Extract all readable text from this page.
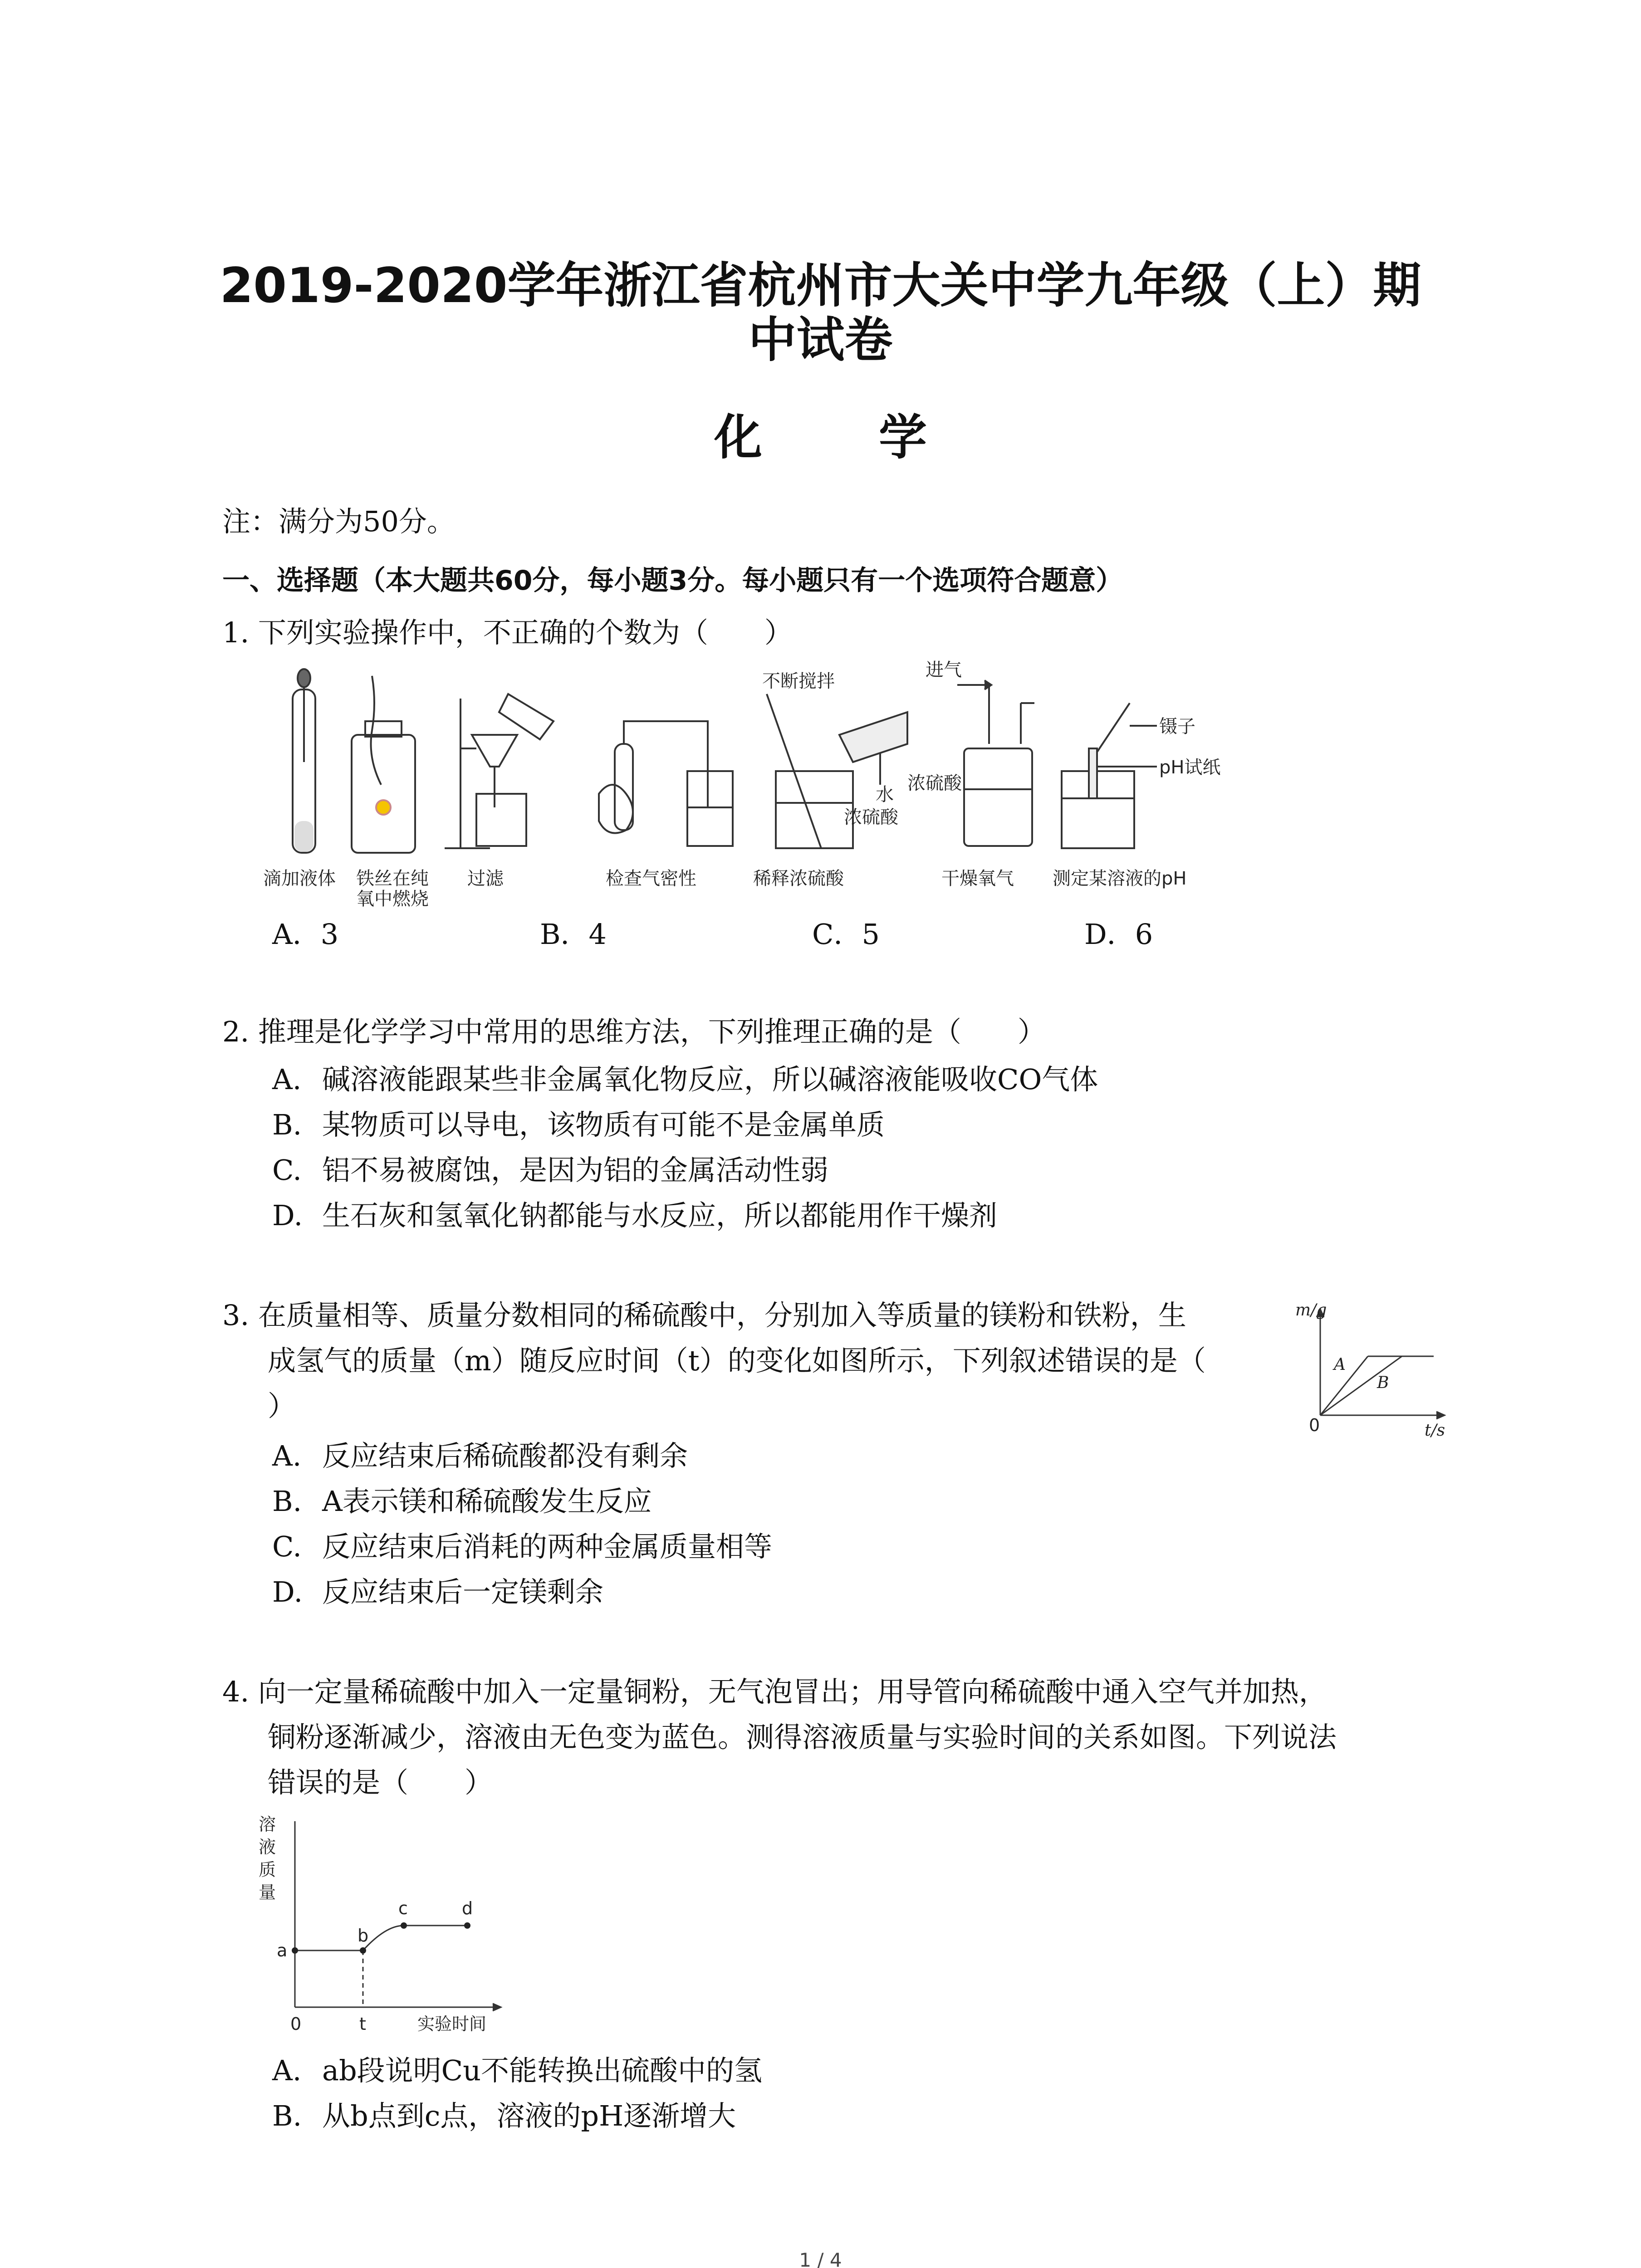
2019-2020学年浙江省杭州市大关中学九年级（上）期
中试卷
化 学
注：满分为50分。
一、选择题（本大题共60分，每小题3分。每小题只有一个选项符合题意）
1. 下列实验操作中，不正确的个数为（　　）
不断搅拌
水
浓硫酸
进气
浓硫酸
镊子
pH试纸
滴加液体 铁丝在纯
氧中燃烧
过滤	检查气密性	稀释浓硫酸	干燥氧气 测定某溶液的pH
A．3	B．4	C．5	D．6
2. 推理是化学学习中常用的思维方法，下列推理正确的是（　　）
A. 碱溶液能跟某些非金属氧化物反应，所以碱溶液能吸收CO气体
B. 某物质可以导电，该物质有可能不是金属单质
C. 铝不易被腐蚀，是因为铝的金属活动性弱
D. 生石灰和氢氧化钠都能与水反应，所以都能用作干燥剂
3. 在质量相等、质量分数相同的稀硫酸中，分别加入等质量的镁粉和铁粉，生
成氢气的质量（m）随反应时间（t）的变化如图所示，下列叙述错误的是（
）
m/g
t/s
0
A
B
A. 反应结束后稀硫酸都没有剩余
B. A表示镁和稀硫酸发生反应
C. 反应结束后消耗的两种金属质量相等
D. 反应结束后一定镁剩余
4. 向一定量稀硫酸中加入一定量铜粉，无气泡冒出；用导管向稀硫酸中通入空气并加热，
铜粉逐渐减少，溶液由无色变为蓝色。测得溶液质量与实验时间的关系如图。下列说法
错误的是（　　）
溶
液
质
量
a
b
c	d
0	t	实验时间
A. ab段说明Cu不能转换出硫酸中的氢
B. 从b点到c点，溶液的pH逐渐增大
1 / 4
